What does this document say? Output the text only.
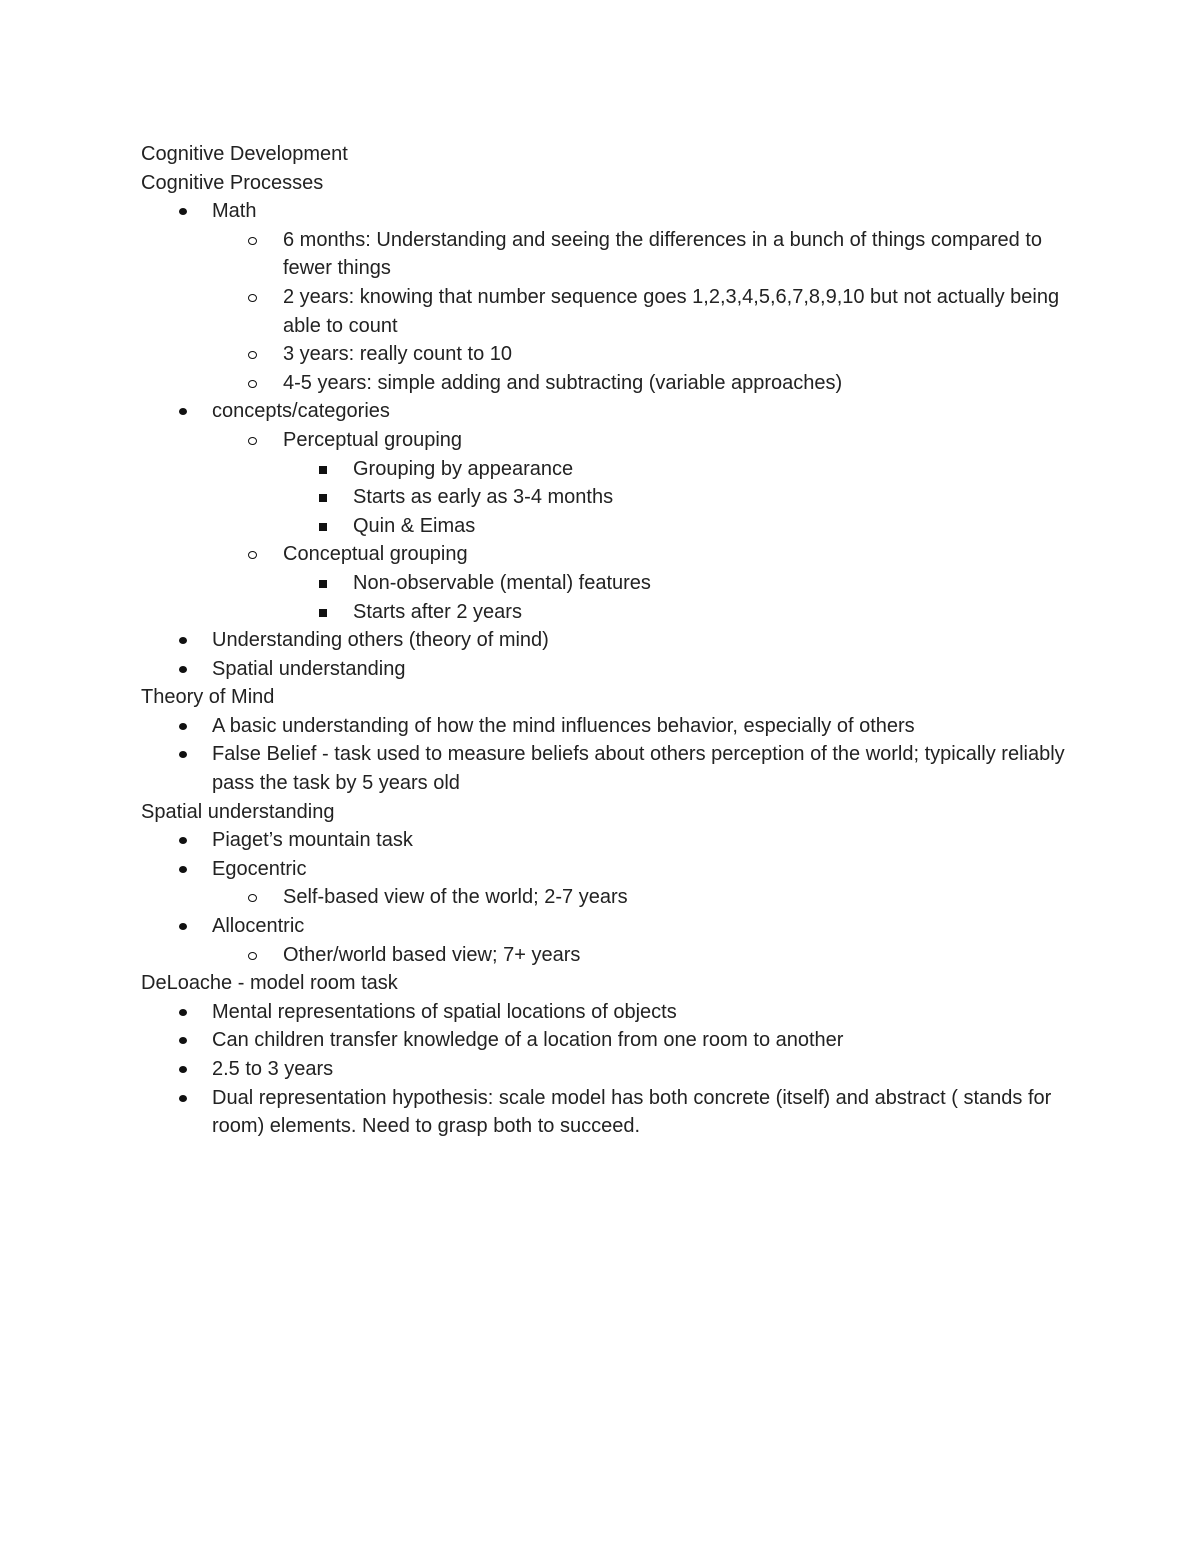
Cognitive Development
Cognitive Processes
Math
6 months: Understanding and seeing the differences in a bunch of things compared to fewer things
2 years: knowing that number sequence goes 1,2,3,4,5,6,7,8,9,10 but not actually being able to count
3 years: really count to 10
4-5 years: simple adding and subtracting (variable approaches)
concepts/categories
Perceptual grouping
Grouping by appearance
Starts as early as 3-4 months
Quin & Eimas
Conceptual grouping
Non-observable (mental) features
Starts after 2 years
Understanding others (theory of mind)
Spatial understanding
Theory of Mind
A basic understanding of how the mind influences behavior, especially of others
False Belief - task used to measure beliefs about others perception of the world; typically reliably pass the task by 5 years old
Spatial understanding
Piaget’s mountain task
Egocentric
Self-based view of the world; 2-7 years
Allocentric
Other/world based view; 7+ years
DeLoache - model room task
Mental representations of spatial locations of objects
Can children transfer knowledge of a location from one room to another
2.5 to 3 years
Dual representation hypothesis: scale model has both concrete (itself) and abstract ( stands for room) elements. Need to grasp both to succeed.
